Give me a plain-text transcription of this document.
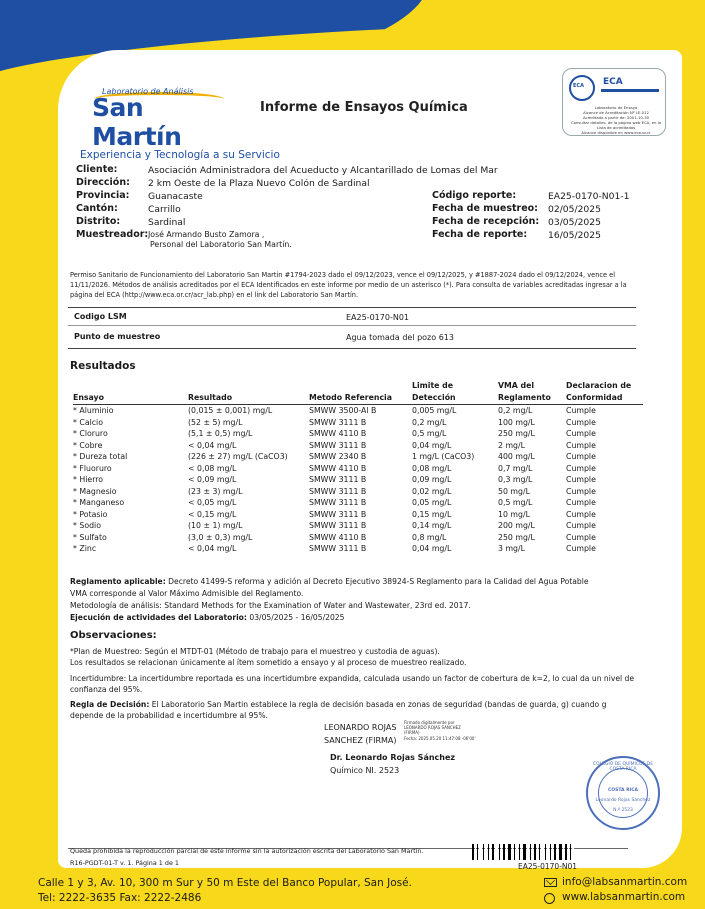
Laboratorio de Análisis
San Martín
Experiencia y Tecnología a su Servicio
Informe de Ensayos Química
ECA ECA
Laboratorio de Ensayo
Alcance de Acreditación Nº LE-012
Acreditado a partir de: 2001-10-30
Consultar detalles, de la página web ECA, en la Lista de acreditados
Alcance disponible en www.eca.or.cr
Cliente:	Asociación Administradora del Acueducto y Alcantarillado de Lomas del Mar
Dirección: 2 km Oeste de la Plaza Nuevo Colón de Sardinal
Provincia: Guanacaste
Cantón:	Carrillo
Distrito:	Sardinal
Muestreador: José Armando Busto Zamora ,
Personal del Laboratorio San Martín.
Código reporte:	EA25-0170-N01-1
Fecha de muestreo: 02/05/2025
Fecha de recepción: 03/05/2025
Fecha de reporte: 16/05/2025
Permiso Sanitario de Funcionamiento del Laboratorio San Martin #1794-2023 dado el 09/12/2023, vence el 09/12/2025, y #1887-2024 dado el 09/12/2024, vence el 11/11/2026. Métodos de análisis acreditados por el ECA Identificados en este informe por medio de un asterisco (*). Para consulta de variables acreditadas ingresar a la página del ECA (http://www.eca.or.cr/acr_lab.php) en el link del Laboratorio San Martín.
Codigo LSM	EA25-0170-N01
Punto de muestreo	Agua tomada del pozo 613
Resultados
Ensayo	Resultado	Metodo Referencia	Limite de Detección	VMA del Reglamento	Declaracion de Conformidad
* Aluminio	(0,015 ± 0,001) mg/L	SMWW 3500-Al B	0,005 mg/L	0,2 mg/L	Cumple
* Calcio	(52 ± 5) mg/L	SMWW 3111 B	0,2 mg/L	100 mg/L	Cumple
* Cloruro	(5,1 ± 0,5) mg/L	SMWW 4110 B	0,5 mg/L	250 mg/L	Cumple
* Cobre	< 0,04 mg/L	SMWW 3111 B	0,04 mg/L	2 mg/L	Cumple
* Dureza total	(226 ± 27) mg/L (CaCO3)	SMWW 2340 B	1 mg/L (CaCO3)	400 mg/L	Cumple
* Fluoruro	< 0,08 mg/L	SMWW 4110 B	0,08 mg/L	0,7 mg/L	Cumple
* Hierro	< 0,09 mg/L	SMWW 3111 B	0,09 mg/L	0,3 mg/L	Cumple
* Magnesio	(23 ± 3) mg/L	SMWW 3111 B	0,02 mg/L	50 mg/L	Cumple
* Manganeso	< 0,05 mg/L	SMWW 3111 B	0,05 mg/L	0,5 mg/L	Cumple
* Potasio	< 0,15 mg/L	SMWW 3111 B	0,15 mg/L	10 mg/L	Cumple
* Sodio	(10 ± 1) mg/L	SMWW 3111 B	0,14 mg/L	200 mg/L	Cumple
* Sulfato	(3,0 ± 0,3) mg/L	SMWW 4110 B	0,8 mg/L	250 mg/L	Cumple
* Zinc	< 0,04 mg/L	SMWW 3111 B	0,04 mg/L	3 mg/L	Cumple
Reglamento aplicable: Decreto 41499-S reforma y adición al Decreto Ejecutivo 38924-S Reglamento para la Calidad del Agua Potable
VMA corresponde al Valor Máximo Admisible del Reglamento.
Metodología de análisis: Standard Methods for the Examination of Water and Wastewater, 23rd ed. 2017.
Ejecución de actividades del Laboratorio: 03/05/2025 - 16/05/2025
Observaciones:
*Plan de Muestreo: Según el MTDT-01 (Método de trabajo para el muestreo y custodia de aguas).
Los resultados se relacionan únicamente al ítem sometido a ensayo y al proceso de muestreo realizado.
Incertidumbre: La incertidumbre reportada es una incertidumbre expandida, calculada usando un factor de cobertura de k=2, lo cual da un nivel de confianza del 95%.
Regla de Decisión: El Laboratorio San Martin establece la regla de decisión basada en zonas de seguridad (bandas de guarda, g) cuando g depende de la probabilidad e incertidumbre al 95%.
LEONARDO ROJAS
SANCHEZ (FIRMA)
Firmado digitalmente por
LEONARDO ROJAS SANCHEZ
(FIRMA)
Fecha: 2025.05.20 11:47:08 -06'00'
Dr. Leonardo Rojas Sánchez
Químico NI. 2523
COLEGIO DE QUÍMICOS DE COSTA RICA
COSTA RICA
Leonardo Rojas Sánchez
N.º 2523
Queda prohibida la reproducción parcial de este informe sin la autorización escrita del Laboratorio San Martín.
R16-PGDT-01-T v. 1. Página 1 de 1	EA25-0170-N01
Calle 1 y 3, Av. 10, 300 m Sur y 50 m Este del Banco Popular, San José.
Tel: 2222-3635 Fax: 2222-2486
info@labsanmartin.com
www.labsanmartin.com
